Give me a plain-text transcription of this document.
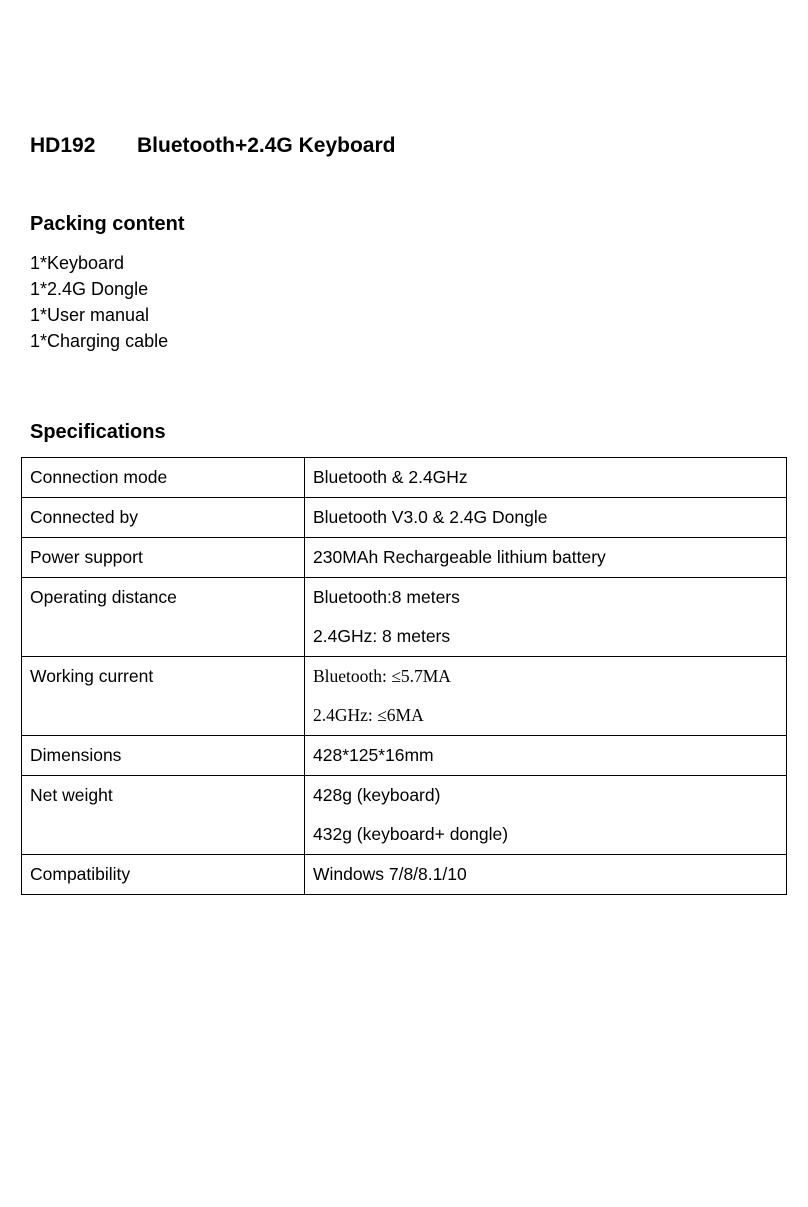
HD192 Bluetooth+2.4G Keyboard
Packing content
1*Keyboard
1*2.4G Dongle
1*User manual
1*Charging cable
Specifications
Connection mode	Bluetooth & 2.4GHz

Connected by	Bluetooth V3.0 & 2.4G Dongle

Power support	230MAh Rechargeable lithium battery

Operating distance	Bluetooth:8 meters
2.4GHz: 8 meters

Working current	Bluetooth: ≤5.7MA
2.4GHz: ≤6MA

Dimensions	428*125*16mm

Net weight	428g (keyboard)
432g (keyboard+ dongle)

Compatibility	Windows 7/8/8.1/10
